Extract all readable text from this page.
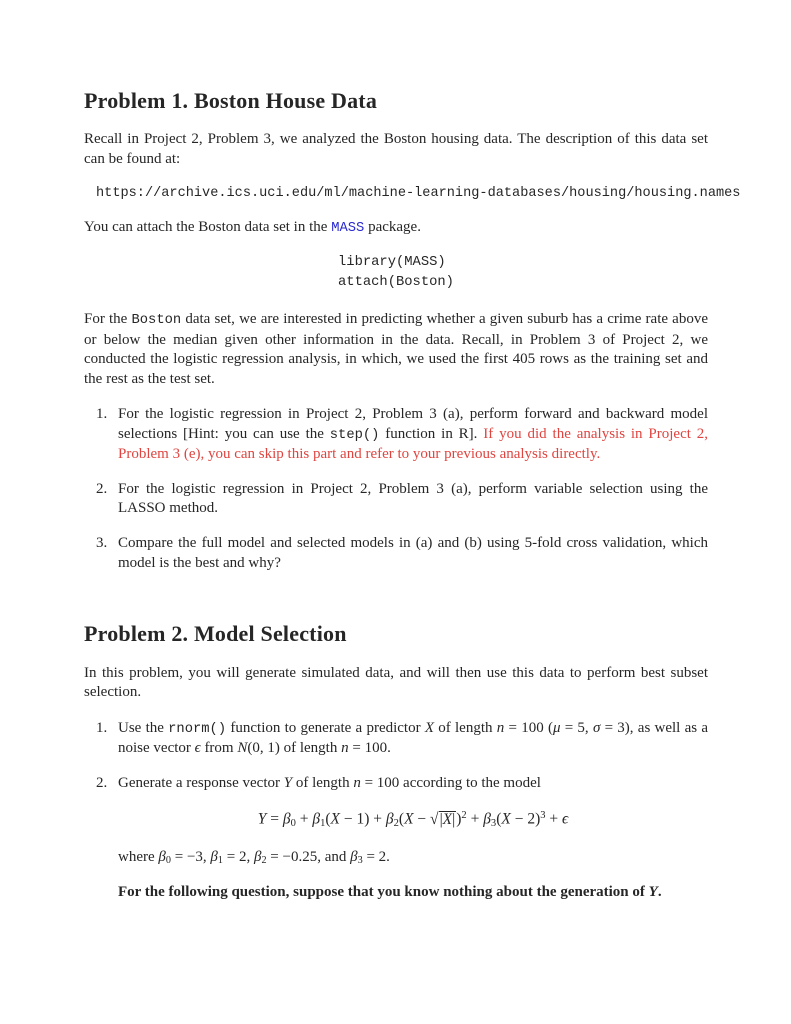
Problem 1. Boston House Data

Recall in Project 2, Problem 3, we analyzed the Boston housing data. The description of this data set can be found at:

https://archive.ics.uci.edu/ml/machine-learning-databases/housing/housing.names

You can attach the Boston data set in the MASS package.

library(MASS)
attach(Boston)

For the Boston data set, we are interested in predicting whether a given suburb has a crime rate above or below the median given other information in the data. Recall, in Problem 3 of Project 2, we conducted the logistic regression analysis, in which, we used the first 405 rows as the training set and the rest as the test set.

1. For the logistic regression in Project 2, Problem 3 (a), perform forward and backward model selections [Hint: you can use the step() function in R]. If you did the analysis in Project 2, Problem 3 (e), you can skip this part and refer to your previous analysis directly.
2. For the logistic regression in Project 2, Problem 3 (a), perform variable selection using the LASSO method.
3. Compare the full model and selected models in (a) and (b) using 5-fold cross validation, which model is the best and why?
Problem 2. Model Selection

In this problem, you will generate simulated data, and will then use this data to perform best subset selection.

1. Use the rnorm() function to generate a predictor X of length n = 100 (μ = 5, σ = 3), as well as a noise vector ϵ from N(0, 1) of length n = 100.
2. Generate a response vector Y of length n = 100 according to the model
$Y = \beta 0 + \beta 1(X - 1) + \beta 2(X - √|X|)^2 + \beta 3(X - 2)^3 + \epsilon$
where β0 = −3, β1 = 2, β2 = −0.25, and β3 = 2.
For the following question, suppose that you know nothing about the generation of Y.
